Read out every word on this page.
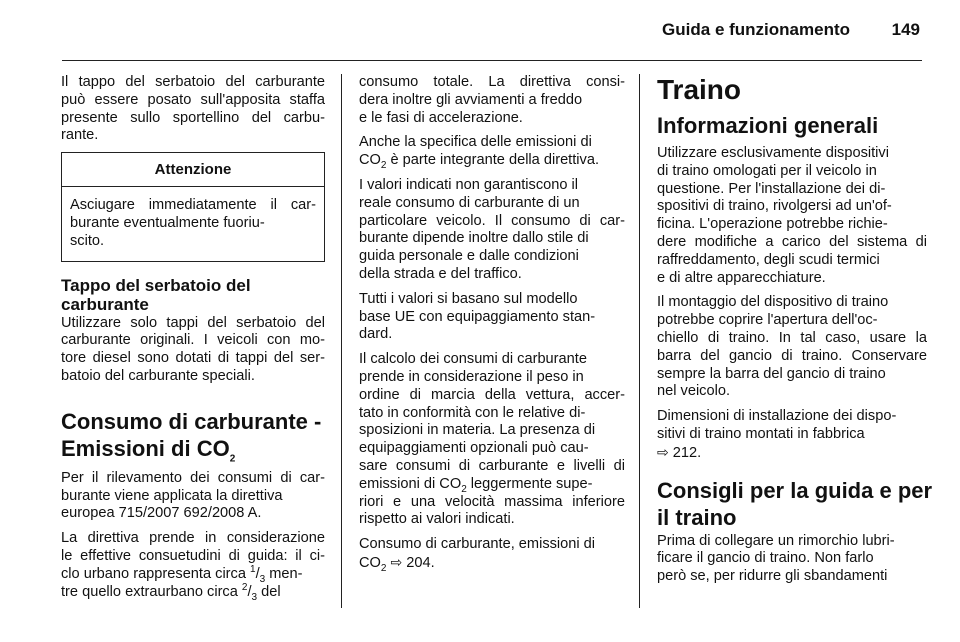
Guida e funzionamento	149
Il tappo del serbatoio del carburante
può essere posato sull'apposita staffa
presente sullo sportellino del carbu-
rante.
Attenzione
Asciugare immediatamente il car-
burante eventualmente fuoriu-
scito.
Tappo del serbatoio del
carburante
Utilizzare solo tappi del serbatoio del
carburante originali. I veicoli con mo-
tore diesel sono dotati di tappi del ser-
batoio del carburante speciali.
Consumo di carburante -
Emissioni di $CO_2$
Per il rilevamento dei consumi di car-
burante viene applicata la direttiva
europea 715/2007 692/2008 A.
La direttiva prende in considerazione
le effettive consuetudini di guida: il ci-
clo urbano rappresenta circa $^1/_3$ men-
tre quello extraurbano circa $^2/_3$ del
consumo totale. La direttiva consi-
dera inoltre gli avviamenti a freddo
e le fasi di accelerazione.
Anche la specifica delle emissioni di
$CO_2$ è parte integrante della direttiva.
I valori indicati non garantiscono il
reale consumo di carburante di un
particolare veicolo. Il consumo di car-
burante dipende inoltre dallo stile di
guida personale e dalle condizioni
della strada e del traffico.
Tutti i valori si basano sul modello
base UE con equipaggiamento stan-
dard.
Il calcolo dei consumi di carburante
prende in considerazione il peso in
ordine di marcia della vettura, accer-
tato in conformità con le relative di-
sposizioni in materia. La presenza di
equipaggiamenti opzionali può cau-
sare consumi di carburante e livelli di
emissioni di $CO_2$ leggermente supe-
riori e una velocità massima inferiore
rispetto ai valori indicati.
Consumo di carburante, emissioni di
$CO_2$ ⇨ 204.
Traino
Informazioni generali
Utilizzare esclusivamente dispositivi
di traino omologati per il veicolo in
questione. Per l'installazione dei di-
spositivi di traino, rivolgersi ad un'of-
ficina. L'operazione potrebbe richie-
dere modifiche a carico del sistema di
raffreddamento, degli scudi termici
e di altre apparecchiature.
Il montaggio del dispositivo di traino
potrebbe coprire l'apertura dell'oc-
chiello di traino. In tal caso, usare la
barra del gancio di traino. Conservare
sempre la barra del gancio di traino
nel veicolo.
Dimensioni di installazione dei dispo-
sitivi di traino montati in fabbrica
⇨ 212.
Consigli per la guida e per
il traino
Prima di collegare un rimorchio lubri-
ficare il gancio di traino. Non farlo
però se, per ridurre gli sbandamenti
